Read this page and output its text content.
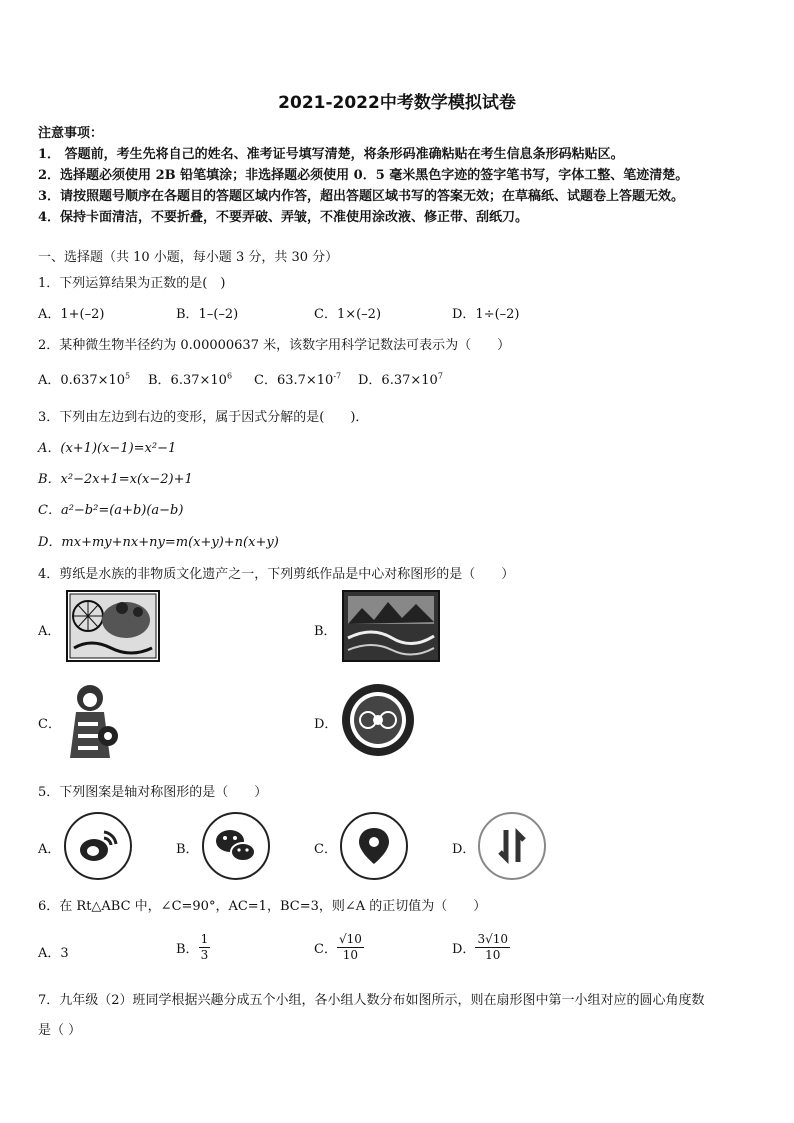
2021-2022中考数学模拟试卷
注意事项：
1． 答题前，考生先将自己的姓名、准考证号填写清楚，将条形码准确粘贴在考生信息条形码粘贴区。
2．选择题必须使用 2B 铅笔填涂；非选择题必须使用 0．5 毫米黑色字迹的签字笔书写，字体工整、笔迹清楚。
3．请按照题号顺序在各题目的答题区域内作答，超出答题区域书写的答案无效；在草稿纸、试题卷上答题无效。
4．保持卡面清洁，不要折叠，不要弄破、弄皱，不准使用涂改液、修正带、刮纸刀。
一、选择题（共 10 小题，每小题 3 分，共 30 分）
1．下列运算结果为正数的是(　)
A．1+(–2)	B．1–(–2)	C．1×(–2)	D．1÷(–2)
2．某种微生物半径约为 0.00000637 米，该数字用科学记数法可表示为（　　）
A．$0.637\times 10^5$ B．$6.37\times 10^6$ C．$63.7\times 10^{-7}$ D．$6.37\times 10^7$
3．下列由左边到右边的变形，属于因式分解的是(　　)．
A．(x+1)(x−1)=x²−1
B．x²−2x+1=x(x−2)+1
C．a²−b²=(a+b)(a−b)
D．mx+my+nx+ny=m(x+y)+n(x+y)
4．剪纸是水族的非物质文化遗产之一，下列剪纸作品是中心对称图形的是（　　）
A．	B．
C．	D．
5．下列图案是轴对称图形的是（　　）
A．	B．	C．	D．
6．在 Rt△ABC 中，∠C=90°，AC=1，BC=3，则∠A 的正切值为（　　）
A．3	B． $\frac{1}{3}$	C． $\frac{√10}{10}$	D． $\frac{3√10}{10}$
7．九年级（2）班同学根据兴趣分成五个小组，各小组人数分布如图所示，则在扇形图中第一小组对应的圆心角度数
是（ ）
